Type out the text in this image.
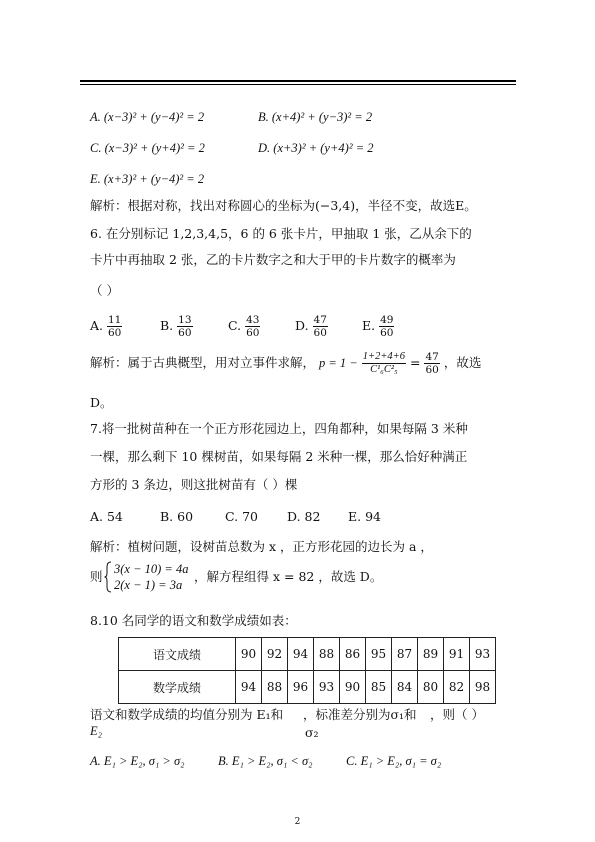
A. (x−3)² + (y−4)² = 2	B. (x+4)² + (y−3)² = 2
C. (x−3)² + (y+4)² = 2	D. (x+3)² + (y+4)² = 2
E. (x+3)² + (y−4)² = 2
解析：根据对称，找出对称圆心的坐标为(−3,4)，半径不变，故选E。
6. 在分别标记 1,2,3,4,5，6 的 6 张卡片，甲抽取 1 张，乙从余下的
卡片中再抽取 2 张，乙的卡片数字之和大于甲的卡片数字的概率为
（ ）
A. $\frac{11}{60}$	B. $\frac{13}{60}$	C. $\frac{43}{60}$	D. $\frac{47}{60}$	E. $\frac{49}{60}$
解析：属于古典概型，用对立事件求解， $p = 1 - \frac{1+2+4+6}{\text{C¹₆C²₅}} = \frac{47}{60}$ ，故选
D。
7.将一批树苗种在一个正方形花园边上，四角都种，如果每隔 3 米种
一棵，那么剩下 10 棵树苗，如果每隔 2 米种一棵，那么恰好种满正
方形的 3 条边，则这批树苗有（ ）棵
A. 54	B. 60	C. 70 D. 82 E. 94
解析：植树问题，设树苗总数为 x ，正方形花园的边长为 a ，
则 3(x − 10) = 4a
2(x − 1) = 3a
，解方程组得 x = 82 ，故选 D。
8.10 名同学的语文和数学成绩如表：
语文成绩	90	92	94	88	86	95	87	89	91	93
数学成绩	94	88	96	93	90	85	84	80	82	98
语文和数学成绩的均值分别为 E₁和 ，标准差分别为σ₁和 ，则（ ）
E₂	σ₂
A. E₁ > E₂, σ₁ > σ₂	B. E₁ > E₂, σ₁ < σ₂	C. E₁ > E₂, σ₁ = σ₂
2
